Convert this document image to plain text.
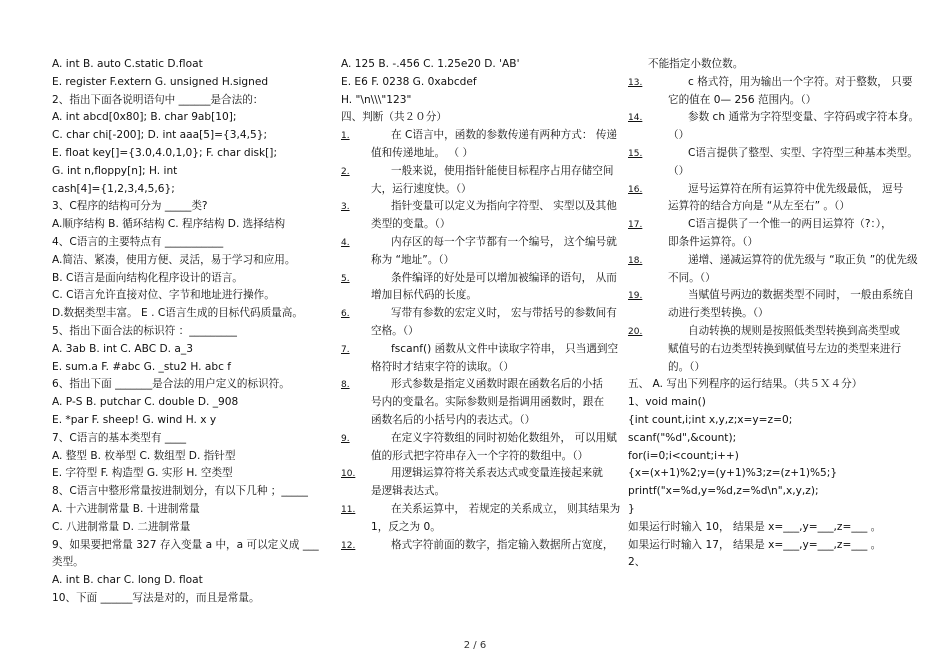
A. int B. auto C.static D.float
E. register F.extern G. unsigned H.signed
2、指出下面各说明语句中 ______是合法的：
A. int abcd[0x80]; B. char 9ab[10];
C. char chi[-200]; D. int aaa[5]={3,4,5};
E. float key[]={3.0,4.0,1,0}; F. char disk[];
G. int n,floppy[n]; H. int
cash[4]={1,2,3,4,5,6};
3、C程序的结构可分为 _____类?
A.顺序结构 B. 循环结构 C. 程序结构 D. 选择结构
4、C语言的主要特点有 ___________
A.简洁、紧凑，使用方便、灵活，易于学习和应用。
B. C语言是面向结构化程序设计的语言。
C. C语言允许直接对位、字节和地址进行操作。
D.数据类型丰富。 E . C语言生成的目标代码质量高。
5、指出下面合法的标识符 ：_________
A. 3ab B. int C. ABC D. a_3
E. sum.a F. #abc G. _stu2 H. abc f
6、指出下面 _______是合法的用户定义的标识符。
A. P-S B. putchar C. double D. _908
E. *par F. sheep! G. wind H. x y
7、C语言的基本类型有 ____
A. 整型 B. 枚举型 C. 数组型 D. 指针型
E. 字符型 F. 构造型 G. 实形 H. 空类型
8、C语言中整形常量按进制划分，有以下几种 ；_____
A. 十六进制常量 B. 十进制常量
C. 八进制常量 D. 二进制常量
9、如果要把常量 327 存入变量 a 中，a 可以定义成 ___
类型。
A. int B. char C. long D. float
10、下面 ______写法是对的，而且是常量。
A. 125 B. -.456 C. 1.25e20 D. 'AB'
E. E6 F. 0238 G. 0xabcdef
H. "\n\\\"123"
四、判断（共２０分）
1.	在 C语言中，函数的参数传递有两种方式： 传递
值和传递地址。 （ ）
2.	一般来说，使用指针能使目标程序占用存储空间
大，运行速度快。（）
3.	指针变量可以定义为指向字符型、 实型以及其他
类型的变量。（）
4.	内存区的每一个字节都有一个编号， 这个编号就
称为 “地址”。（）
5.	条件编译的好处是可以增加被编译的语句， 从而
增加目标代码的长度。
6.	写带有参数的宏定义时， 宏与带括号的参数间有
空格。（）
7.	fscanf() 函数从文件中读取字符串， 只当遇到空
格符时才结束字符的读取。（）
8.	形式参数是指定义函数时跟在函数名后的小括
号内的变量名。实际参数则是指调用函数时，跟在
函数名后的小括号内的表达式。（）
9.	在定义字符数组的同时初始化数组外， 可以用赋
值的形式把字符串存入一个字符的数组中。（）
10.	用逻辑运算符将关系表达式或变量连接起来就
是逻辑表达式。
11.	在关系运算中， 若规定的关系成立， 则其结果为
1，反之为 0。
12.	格式字符前面的数字，指定输入数据所占宽度，
不能指定小数位数。
13.	c 格式符，用为输出一个字符。对于整数， 只要
它的值在 0— 256 范围内。（）
14.	参数 ch 通常为字符型变量、字符码或字符本身。
（）
15.	C语言提供了整型、实型、字符型三种基本类型。
（）
16.	逗号运算符在所有运算符中优先级最低， 逗号
运算符的结合方向是 “从左至右” 。（）
17.	C语言提供了一个惟一的两目运算符（?：），
即条件运算符。（）
18.	递增、递减运算符的优先级与 “取正负 ”的优先级
不同。（）
19.	当赋值号两边的数据类型不同时， 一般由系统自
动进行类型转换。（）
20.	自动转换的规则是按照低类型转换到高类型或
赋值号的右边类型转换到赋值号左边的类型来进行
的。（）
五、 A. 写出下列程序的运行结果。（共５Ｘ４分）
1、void main()
{int count,i;int x,y,z;x=y=z=0;
scanf("%d",&count);
for(i=0;i<count;i++)
{x=(x+1)%2;y=(y+1)%3;z=(z+1)%5;}
printf("x=%d,y=%d,z=%d\n",x,y,z);
}
如果运行时输入 10， 结果是 x=___,y=___,z=___ 。
如果运行时输入 17， 结果是 x=___,y=___,z=___ 。
2、
2 / 6
